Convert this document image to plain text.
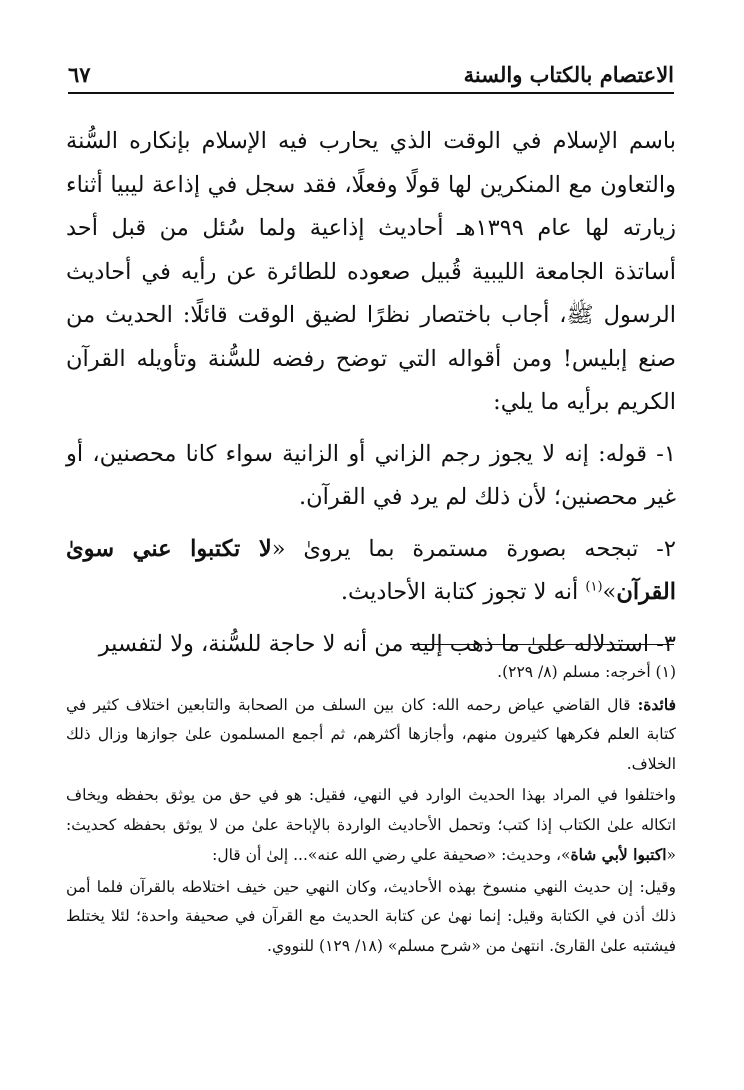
الاعتصام بالكتاب والسنة
٦٧

باسم الإسلام في الوقت الذي يحارب فيه الإسلام بإنكاره السُّنة والتعاون مع المنكرين لها قولًا وفعلًا، فقد سجل في إذاعة ليبيا أثناء زيارته لها عام ١٣٩٩هـ أحاديث إذاعية ولما سُئل من قبل أحد أساتذة الجامعة الليبية قُبيل صعوده للطائرة عن رأيه في أحاديث الرسول ﷺ، أجاب باختصار نظرًا لضيق الوقت قائلًا: الحديث من صنع إبليس! ومن أقواله التي توضح رفضه للسُّنة وتأويله القرآن الكريم برأيه ما يلي:

١- قوله: إنه لا يجوز رجم الزاني أو الزانية سواء كانا محصنين، أو غير محصنين؛ لأن ذلك لم يرد في القرآن.

٢- تبجحه بصورة مستمرة بما يروىٰ «لا تكتبوا عني سوىٰ القرآن»$^{(١)}$ أنه لا تجوز كتابة الأحاديث.

٣- استدلاله علىٰ ما ذهب إليه من أنه لا حاجة للسُّنة، ولا لتفسير

(١) أخرجه: مسلم (٨/ ٢٢٩).

فائدة: قال القاضي عياض رحمه الله: كان بين السلف من الصحابة والتابعين اختلاف كثير في كتابة العلم فكرهها كثيرون منهم، وأجازها أكثرهم، ثم أجمع المسلمون علىٰ جوازها وزال ذلك الخلاف.

واختلفوا في المراد بهذا الحديث الوارد في النهي، فقيل: هو في حق من يوثق بحفظه ويخاف اتكاله علىٰ الكتاب إذا كتب؛ وتحمل الأحاديث الواردة بالإباحة علىٰ من لا يوثق بحفظه كحديث: «اكتبوا لأبي شاة»، وحديث: «صحيفة علي رضي الله عنه»... إلىٰ أن قال:

وقيل: إن حديث النهي منسوخ بهذه الأحاديث، وكان النهي حين خيف اختلاطه بالقرآن فلما أمن ذلك أذن في الكتابة وقيل: إنما نهىٰ عن كتابة الحديث مع القرآن في صحيفة واحدة؛ لئلا يختلط فيشتبه علىٰ القارئ. انتهىٰ من «شرح مسلم» (١٨/ ١٢٩) للنووي.
